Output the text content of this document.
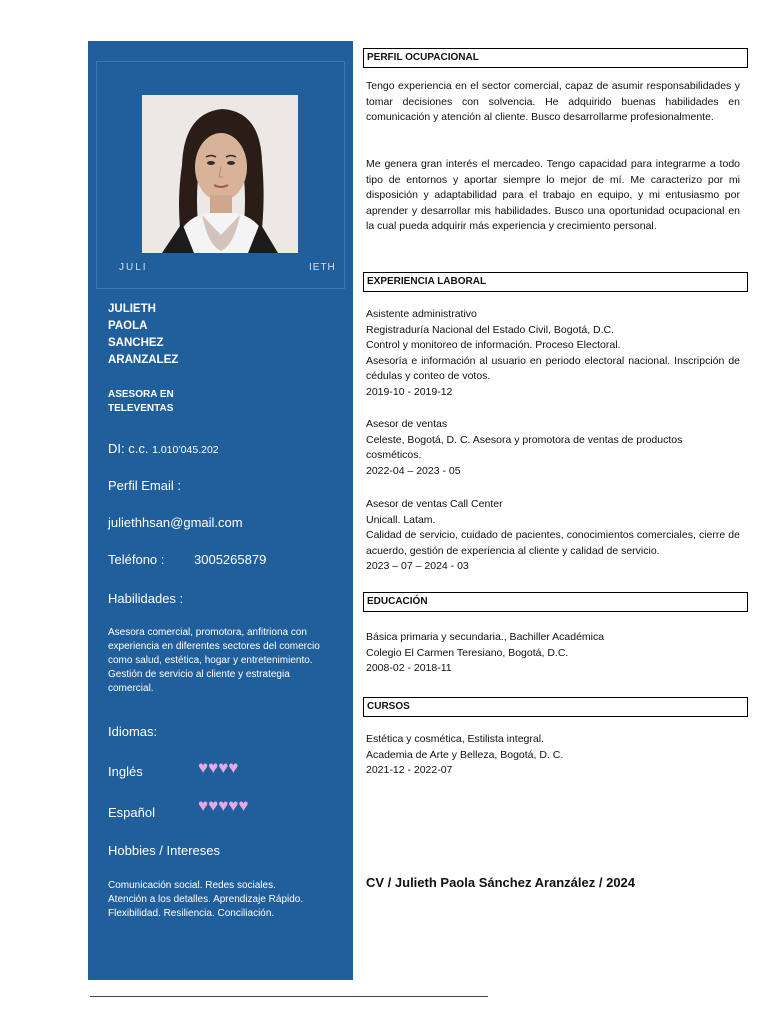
JULI	IETH
JULIETH
PAOLA
SANCHEZ
ARANZALEZ
ASESORA EN
TELEVENTAS
DI: c.c. 1.010’045.202
Perfil Email :
juliethhsan@gmail.com
Teléfono : 3005265879
Habilidades :
Asesora comercial, promotora, anfitriona con experiencia en diferentes sectores del comercio como salud, estética, hogar y entretenimiento. Gestión de servicio al cliente y estrategia comercial.
Idiomas:
Inglés	♥♥♥♥
Español	♥♥♥♥♥
Hobbies / Intereses
Comunicación social. Redes sociales. Atención a los detalles. Aprendizaje Rápido. Flexibilidad. Resiliencia. Conciliación.
PERFIL OCUPACIONAL
Tengo experiencia en el sector comercial, capaz de asumir responsabilidades y tomar decisiones con solvencia. He adquirido buenas habilidades en comunicación y atención al cliente. Busco desarrollarme profesionalmente.
Me genera gran interés el mercadeo. Tengo capacidad para integrarme a todo tipo de entornos y aportar siempre lo mejor de mí. Me caracterizo por mi disposición y adaptabilidad para el trabajo en equipo, y mi entusiasmo por aprender y desarrollar mis habilidades. Busco una oportunidad ocupacional en la cual pueda adquirir más experiencia y crecimiento personal.
EXPERIENCIA LABORAL
Asistente administrativo
Registraduría Nacional del Estado Civil, Bogotá, D.C.
Control y monitoreo de información. Proceso Electoral.
Asesoría e información al usuario en periodo electoral nacional. Inscripción de cédulas y conteo de votos.
2019-10 - 2019-12
Asesor de ventas
Celeste, Bogotá, D. C. Asesora y promotora de ventas de productos cosméticos.
2022-04 – 2023 - 05
Asesor de ventas Call Center
Unicall. Latam.
Calidad de servicio, cuidado de pacientes, conocimientos comerciales, cierre de acuerdo, gestión de experiencia al cliente y calidad de servicio.
2023 – 07 – 2024 - 03
EDUCACIÓN
Básica primaria y secundaria., Bachiller Académica
Colegio El Carmen Teresiano, Bogotá, D.C.
2008-02 - 2018-11
CURSOS
Estética y cosmética, Estilista integral.
Academia de Arte y Belleza, Bogotá, D. C.
2021-12 - 2022-07
CV / Julieth Paola Sánchez Aranzález / 2024
